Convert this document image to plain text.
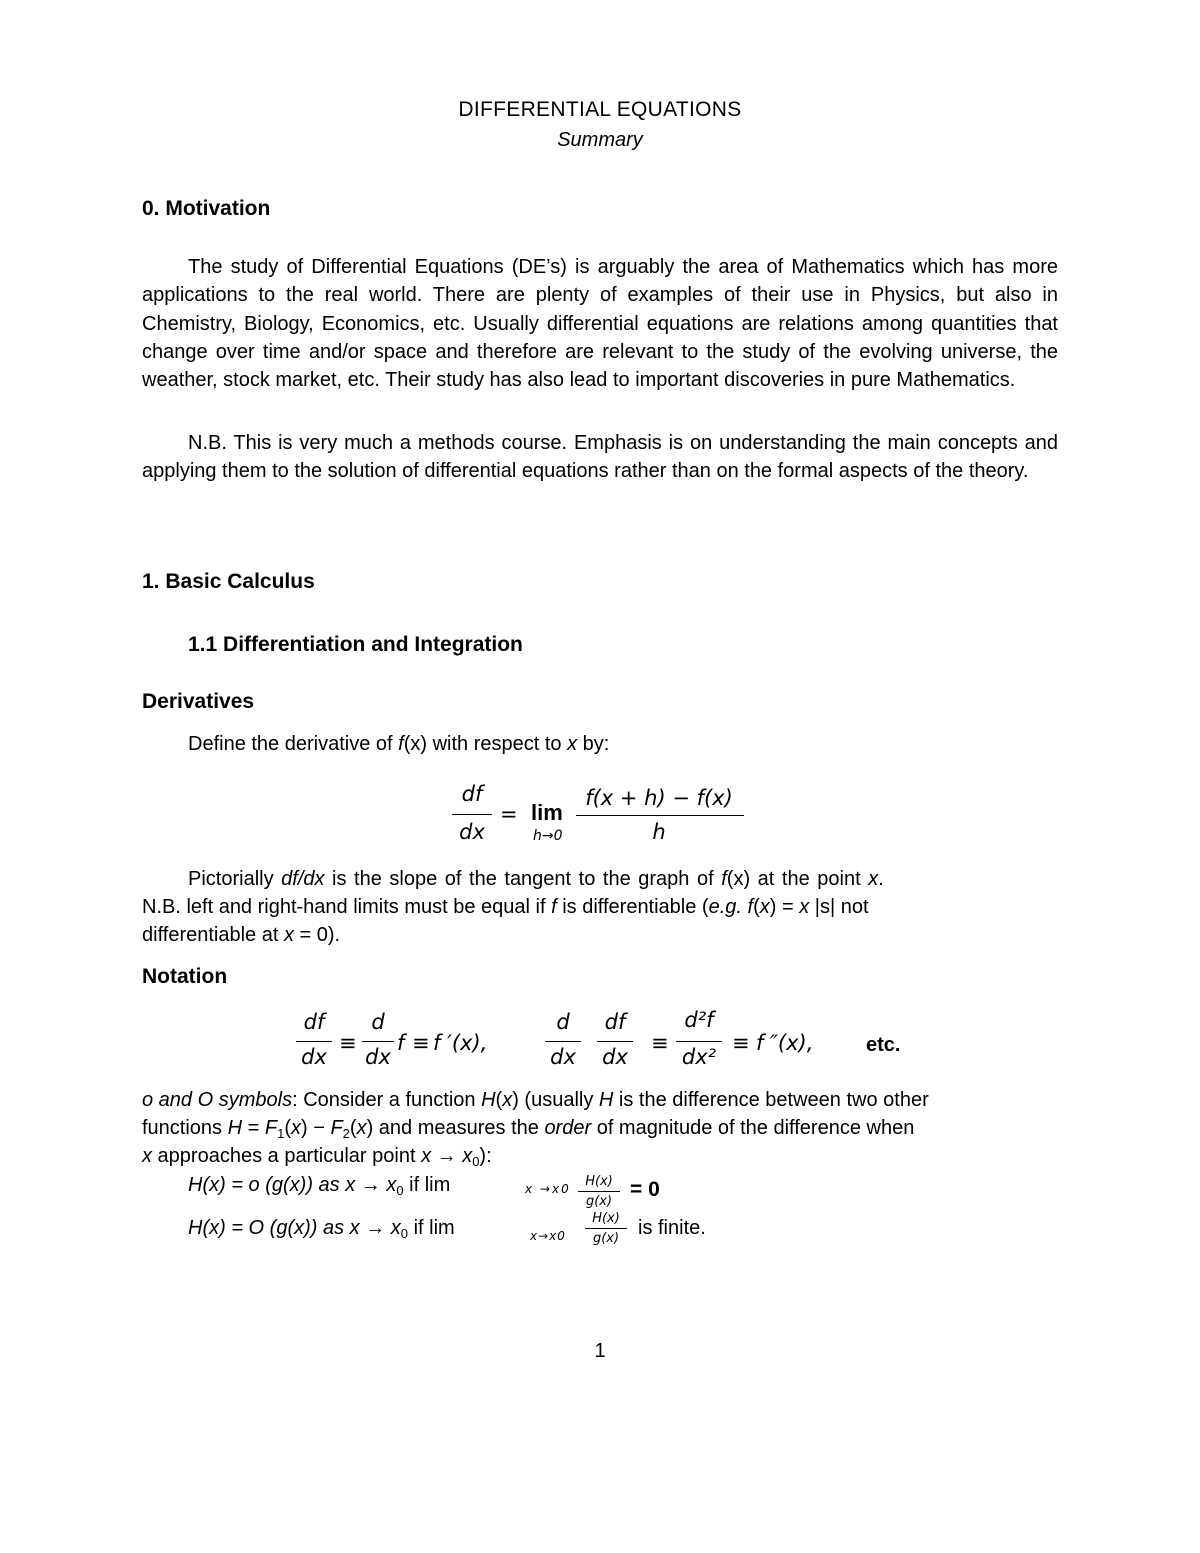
DIFFERENTIAL EQUATIONS
Summary
0. Motivation
The study of Differential Equations (DE’s) is arguably the area of Mathematics which has more applications to the real world. There are plenty of examples of their use in Physics, but also in Chemistry, Biology, Economics, etc. Usually differential equations are relations among quantities that change over time and/or space and therefore are relevant to the study of the evolving universe, the weather, stock market, etc. Their study has also lead to important discoveries in pure Mathematics.
N.B. This is very much a methods course. Emphasis is on understanding the main concepts and applying them to the solution of differential equations rather than on the formal aspects of the theory.
1. Basic Calculus
1.1 Differentiation and Integration
Derivatives
Define the derivative of f(x) with respect to x by:
df
dx
= lim
h→0
f(x + h) − f(x)
h
Pictorially df/dx is the slope of the tangent to the graph of f(x) at the point x.
N.B. left and right-hand limits must be equal if f is differentiable (e.g. f(x) = x |s| not
differentiable at x = 0).
Notation
df
dx
≡
d
dx
f ≡ f ′(x),
d
dx
df
dx
≡
d²f
dx²
≡ f ″(x),	etc.
o and O symbols: Consider a function H(x) (usually H is the difference between two other
functions $H = F_1(x) - F_2(x)$ and measures the order of magnitude of the difference when
x approaches a particular point $x \to x_0$):
H(x) = o (g(x)) as $x \to x_0$ if lim	x →x0	H(x)
g(x)
= 0
H(x) = O (g(x)) as $x \to x_0$ if lim	x→x0
H(x)
g(x) is finite.
1
